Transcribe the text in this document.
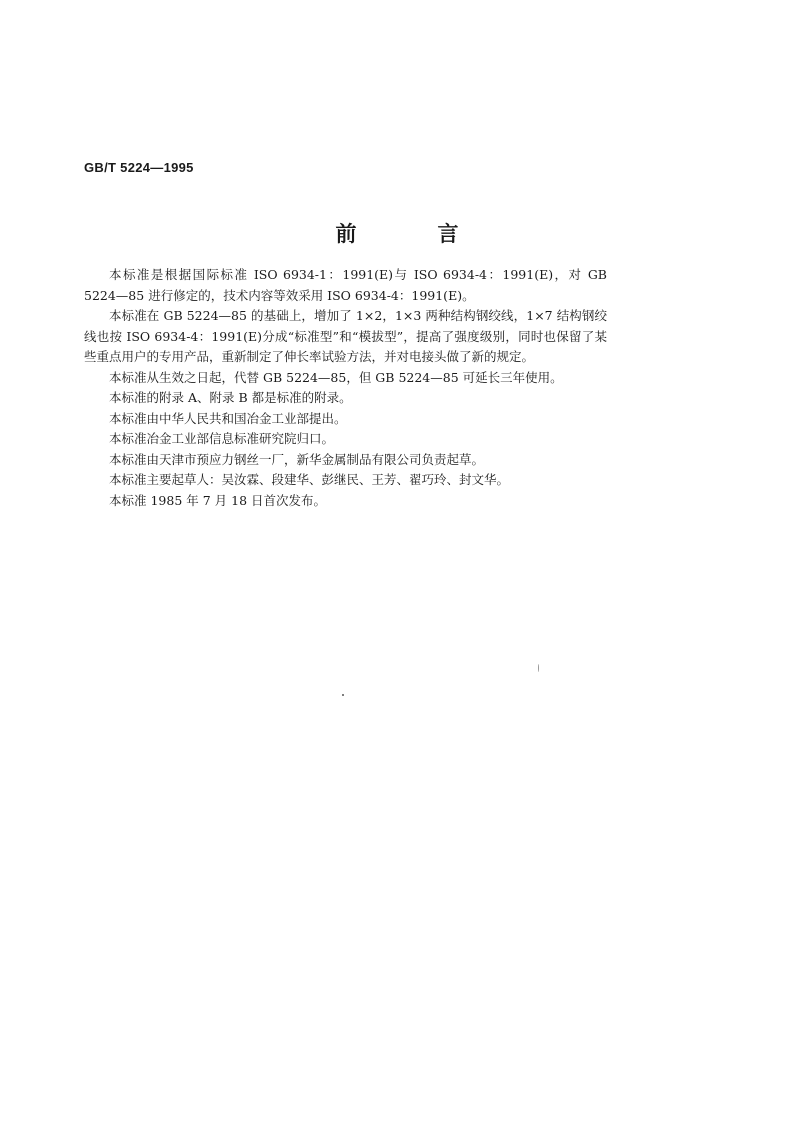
GB/T 5224—1995
前　言

本标准是根据国际标准 ISO 6934-1：1991(E)与 ISO 6934-4：1991(E)，对 GB 5224—85 进行修定的，技术内容等效采用 ISO 6934-4：1991(E)。

本标准在 GB 5224—85 的基础上，增加了 1×2，1×3 两种结构钢绞线，1×7 结构钢绞线也按 ISO 6934-4：1991(E)分成“标准型”和“模拔型”，提高了强度级别，同时也保留了某些重点用户的专用产品，重新制定了伸长率试验方法，并对电接头做了新的规定。

本标准从生效之日起，代替 GB 5224—85，但 GB 5224—85 可延长三年使用。

本标准的附录 A、附录 B 都是标准的附录。

本标准由中华人民共和国冶金工业部提出。

本标准冶金工业部信息标准研究院归口。

本标准由天津市预应力钢丝一厂，新华金属制品有限公司负责起草。

本标准主要起草人：吴汝霖、段建华、彭继民、王芳、翟巧玲、封文华。

本标准 1985 年 7 月 18 日首次发布。
